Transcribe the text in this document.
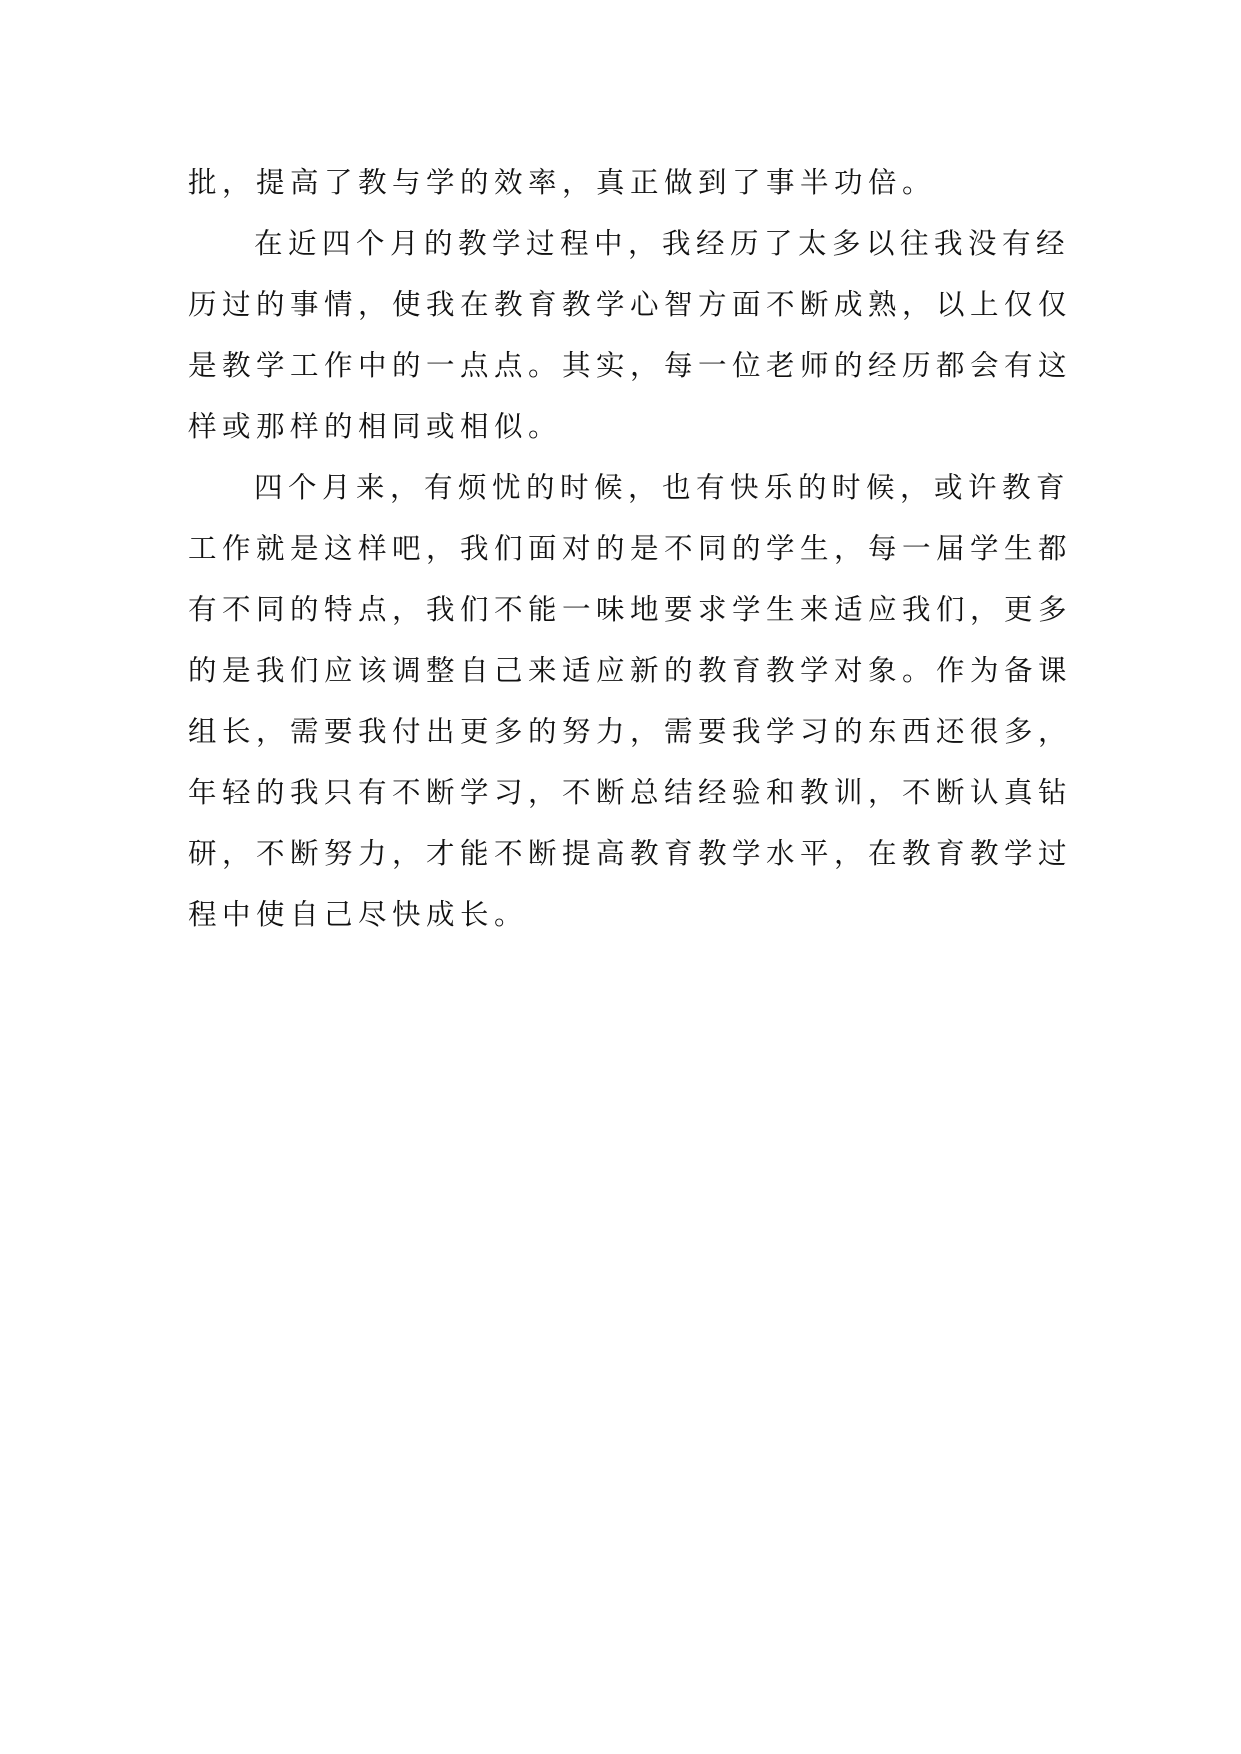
批，提高了教与学的效率，真正做到了事半功倍。

在近四个月的教学过程中，我经历了太多以往我没有经
历过的事情，使我在教育教学心智方面不断成熟，以上仅仅
是教学工作中的一点点。其实，每一位老师的经历都会有这
样或那样的相同或相似。

四个月来，有烦忧的时候，也有快乐的时候，或许教育
工作就是这样吧，我们面对的是不同的学生，每一届学生都
有不同的特点，我们不能一味地要求学生来适应我们，更多
的是我们应该调整自己来适应新的教育教学对象。作为备课
组长，需要我付出更多的努力，需要我学习的东西还很多，
年轻的我只有不断学习，不断总结经验和教训，不断认真钻
研，不断努力，才能不断提高教育教学水平，在教育教学过
程中使自己尽快成长。
